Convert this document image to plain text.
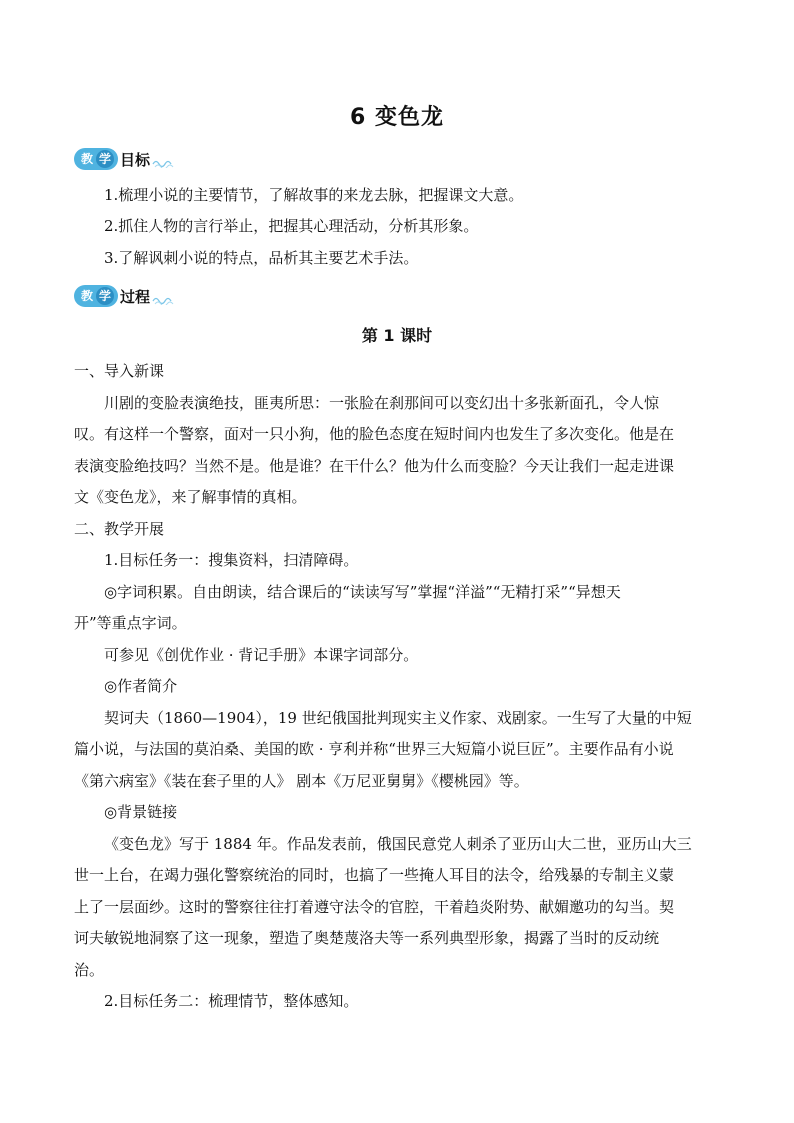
6 变色龙
教 学 目标
1.梳理小说的主要情节，了解故事的来龙去脉，把握课文大意。
2.抓住人物的言行举止，把握其心理活动，分析其形象。
3.了解讽刺小说的特点，品析其主要艺术手法。
教 学 过程
第 1 课时
一、导入新课
川剧的变脸表演绝技，匪夷所思：一张脸在刹那间可以变幻出十多张新面孔，令人惊
叹。有这样一个警察，面对一只小狗，他的脸色态度在短时间内也发生了多次变化。他是在
表演变脸绝技吗？当然不是。他是谁？在干什么？他为什么而变脸？今天让我们一起走进课
文《变色龙》，来了解事情的真相。
二、教学开展
1.目标任务一：搜集资料，扫清障碍。
◎字词积累。自由朗读，结合课后的“读读写写”掌握“洋溢”“无精打采”“异想天
开”等重点字词。
可参见《创优作业 · 背记手册》本课字词部分。
◎作者简介
契诃夫（1860—1904），19 世纪俄国批判现实主义作家、戏剧家。一生写了大量的中短
篇小说，与法国的莫泊桑、美国的欧 · 亨利并称“世界三大短篇小说巨匠”。主要作品有小说
《第六病室》《装在套子里的人》 剧本《万尼亚舅舅》《樱桃园》等。
◎背景链接
《变色龙》写于 1884 年。作品发表前，俄国民意党人刺杀了亚历山大二世，亚历山大三
世一上台，在竭力强化警察统治的同时，也搞了一些掩人耳目的法令，给残暴的专制主义蒙
上了一层面纱。这时的警察往往打着遵守法令的官腔，干着趋炎附势、献媚邀功的勾当。契
诃夫敏锐地洞察了这一现象，塑造了奥楚蔑洛夫等一系列典型形象，揭露了当时的反动统
治。
2.目标任务二：梳理情节，整体感知。
